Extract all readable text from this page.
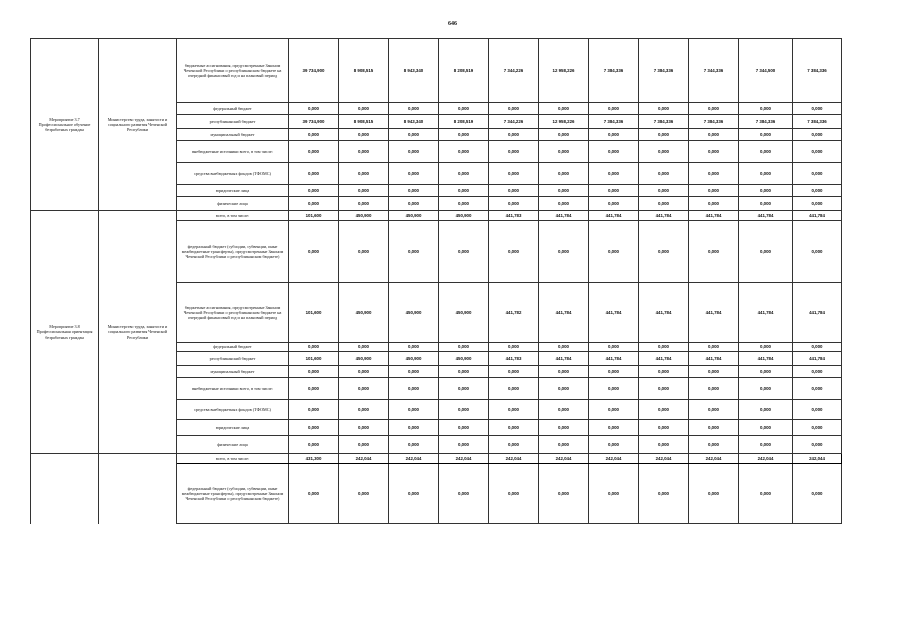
646
Мероприятие 3.7 Профессиональное обучение безработных граждан	Министерство труда, занятости и социального развития Чеченской Республики	бюджетные ассигнования, предусмотренные Законом Чеченской Республики о республиканском бюджете на очередной финансовый год и на плановый период	39 734,900	8 908,515	8 943,340	8 208,519	7 344,226	12 958,226	7 384,336	7 384,336	7 344,336	7 344,500	7 384,336
		федеральный бюджет	0,000	0,000	0,000	0,000	0,000	0,000	0,000	0,000	0,000	0,000	0,000
		республиканский бюджет	39 734,900	8 908,515	8 943,340	8 208,519	7 344,226	12 958,226	7 384,336	7 384,336	7 384,336	7 384,336	7 384,336
		муниципальный бюджет	0,000	0,000	0,000	0,000	0,000	0,000	0,000	0,000	0,000	0,000	0,000
		внебюджетные источники всего, в том числе:	0,000	0,000	0,000	0,000	0,000	0,000	0,000	0,000	0,000	0,000	0,000
		средства внебюджетных фондов (ТФОМС)	0,000	0,000	0,000	0,000	0,000	0,000	0,000	0,000	0,000	0,000	0,000
		юридические лица	0,000	0,000	0,000	0,000	0,000	0,000	0,000	0,000	0,000	0,000	0,000
		физические лица	0,000	0,000	0,000	0,000	0,000	0,000	0,000	0,000	0,000	0,000	0,000
Мероприятие 3.8 Профессиональная ориентация безработных граждан	Министерство труда, занятости и социального развития Чеченской Республики	всего, в том числе:	101,600	450,900	450,900	450,900	441,783	441,784	441,784	441,784	441,784	441,784	441,784
		федеральный бюджет (субсидии, субвенции, иные межбюджетные трансферты), предусмотренные Законом Чеченской Республики о республиканском бюджете)	0,000	0,000	0,000	0,000	0,000	0,000	0,000	0,000	0,000	0,000	0,000
		бюджетные ассигнования, предусмотренные Законом Чеченской Республики о республиканском бюджете на очередной финансовый год и на плановый период	101,600	450,900	450,900	450,900	441,782	441,784	441,784	441,784	441,784	441,784	441,784
		федеральный бюджет	0,000	0,000	0,000	0,000	0,000	0,000	0,000	0,000	0,000	0,000	0,000
		республиканский бюджет	101,600	450,900	450,900	450,900	441,783	441,784	441,784	441,784	441,784	441,784	441,784
		муниципальный бюджет	0,000	0,000	0,000	0,000	0,000	0,000	0,000	0,000	0,000	0,000	0,000
		внебюджетные источники всего, в том числе:	0,000	0,000	0,000	0,000	0,000	0,000	0,000	0,000	0,000	0,000	0,000
		средства внебюджетных фондов (ТФОМС)	0,000	0,000	0,000	0,000	0,000	0,000	0,000	0,000	0,000	0,000	0,000
		юридические лица	0,000	0,000	0,000	0,000	0,000	0,000	0,000	0,000	0,000	0,000	0,000
		физические лица	0,000	0,000	0,000	0,000	0,000	0,000	0,000	0,000	0,000	0,000	0,000
		всего, в том числе:	431,300	242,044	242,044	242,044	242,044	242,044	242,044	242,044	242,044	242,044	242,044
		федеральный бюджет (субсидии, субвенции, иные межбюджетные трансферты), предусмотренные Законом Чеченской Республики о республиканском бюджете)	0,000	0,000	0,000	0,000	0,000	0,000	0,000	0,000	0,000	0,000	0,000
